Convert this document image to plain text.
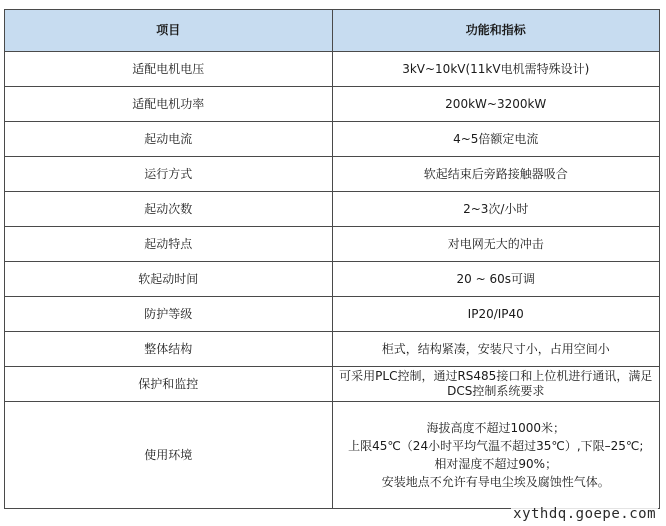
项目	功能和指标
适配电机电压	3kV~10kV(11kV电机需特殊设计)
适配电机功率	200kW~3200kW
起动电流	4~5倍额定电流
运行方式	软起结束后旁路接触器吸合
起动次数	2~3次/小时
起动特点	对电网无大的冲击
软起动时间	20 ~ 60s可调
防护等级	IP20/IP40
整体结构	柜式，结构紧凑，安装尺寸小，占用空间小
保护和监控	可采用PLC控制，通过RS485接口和上位机进行通讯，满足DCS控制系统要求
使用环境	海拔高度不超过1000米；
上限45℃（24小时平均气温不超过35℃）,下限–25℃;
相对湿度不超过90%；
安装地点不允许有导电尘埃及腐蚀性气体。
xythdq.goepe.com
